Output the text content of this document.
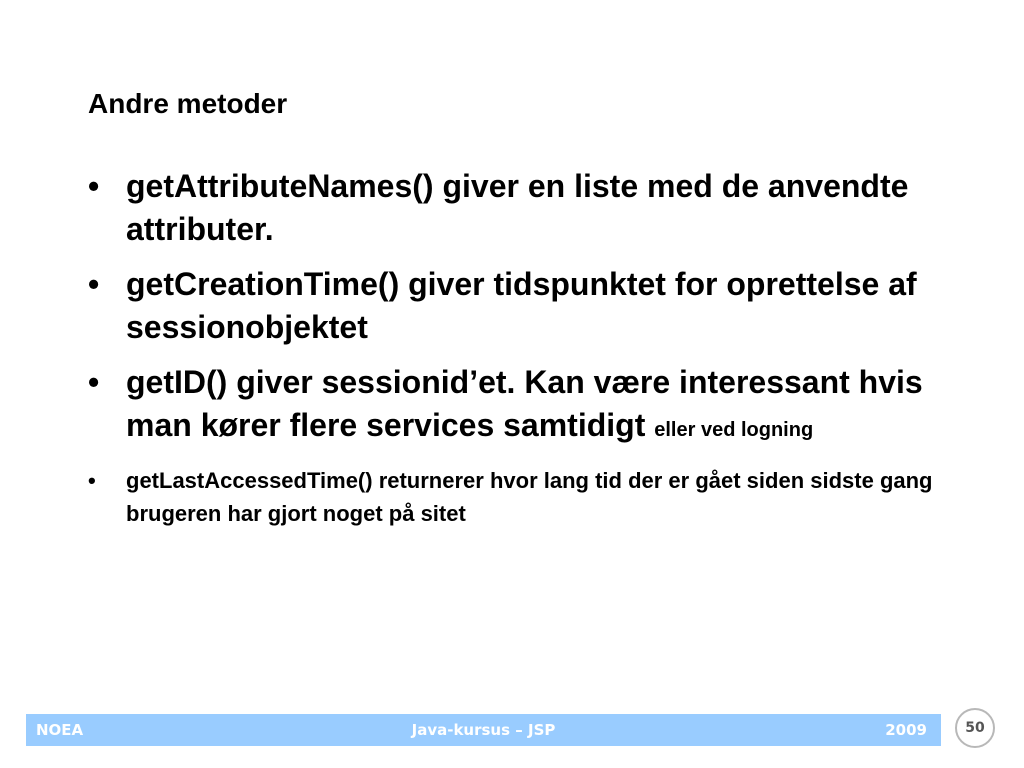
Andre metoder
• getAttributeNames() giver en liste med de anvendte attributer.
• getCreationTime() giver tidspunktet for oprettelse af sessionobjektet
• getID() giver sessionid’et. Kan være interessant hvis man kører flere services samtidigt eller ved logning
• getLastAccessedTime() returnerer hvor lang tid der er gået siden sidste gang brugeren har gjort noget på sitet
NOEA	Java-kursus – JSP	2009	50
